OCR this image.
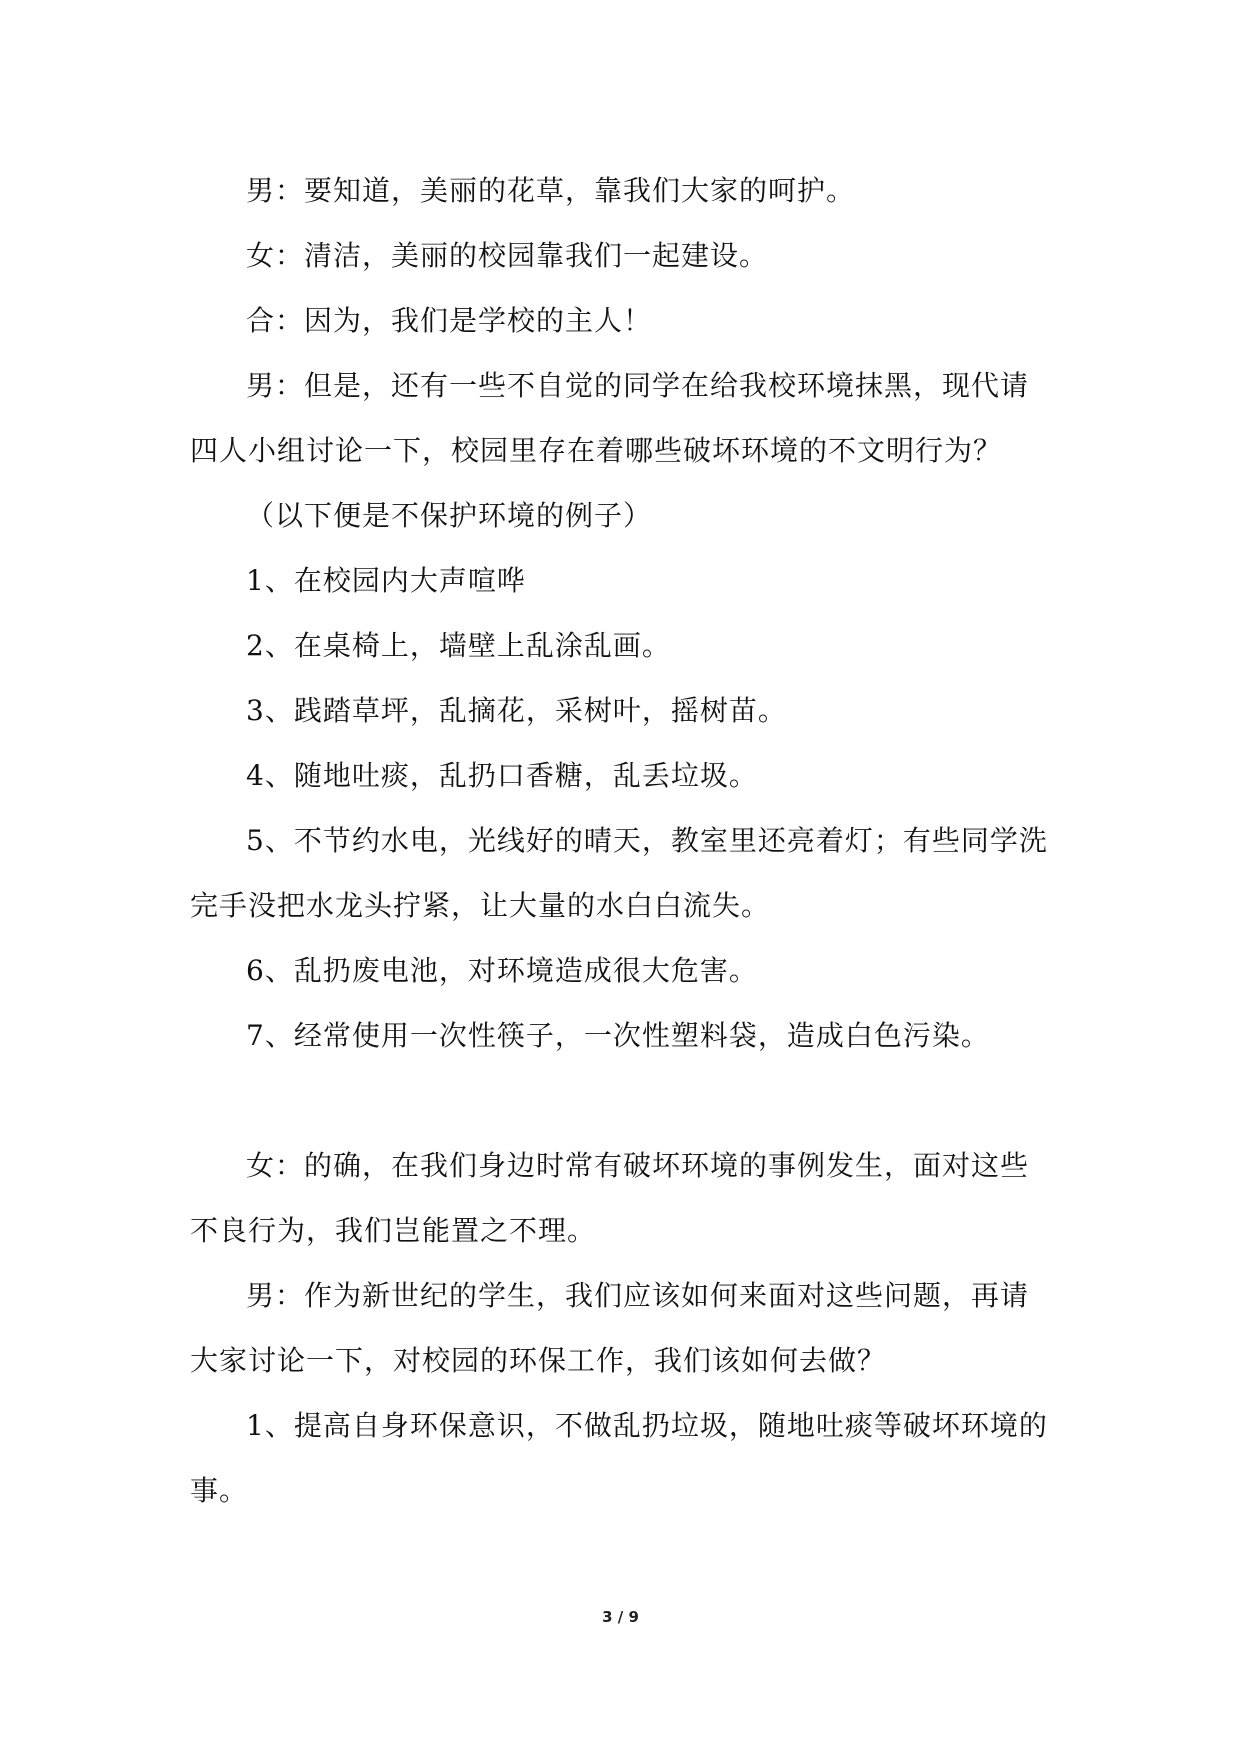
男：要知道，美丽的花草，靠我们大家的呵护。

女：清洁，美丽的校园靠我们一起建设。

合：因为，我们是学校的主人！

男：但是，还有一些不自觉的同学在给我校环境抹黑，现代请四人小组讨论一下，校园里存在着哪些破坏环境的不文明行为？

（以下便是不保护环境的例子）

1、在校园内大声喧哗

2、在桌椅上，墙壁上乱涂乱画。

3、践踏草坪，乱摘花，采树叶，摇树苗。

4、随地吐痰，乱扔口香糖，乱丢垃圾。

5、不节约水电，光线好的晴天，教室里还亮着灯；有些同学洗完手没把水龙头拧紧，让大量的水白白流失。

6、乱扔废电池，对环境造成很大危害。

7、经常使用一次性筷子，一次性塑料袋，造成白色污染。

女：的确，在我们身边时常有破坏环境的事例发生，面对这些不良行为，我们岂能置之不理。

男：作为新世纪的学生，我们应该如何来面对这些问题，再请大家讨论一下，对校园的环保工作，我们该如何去做？

1、提高自身环保意识，不做乱扔垃圾，随地吐痰等破坏环境的事。

3 / 9
